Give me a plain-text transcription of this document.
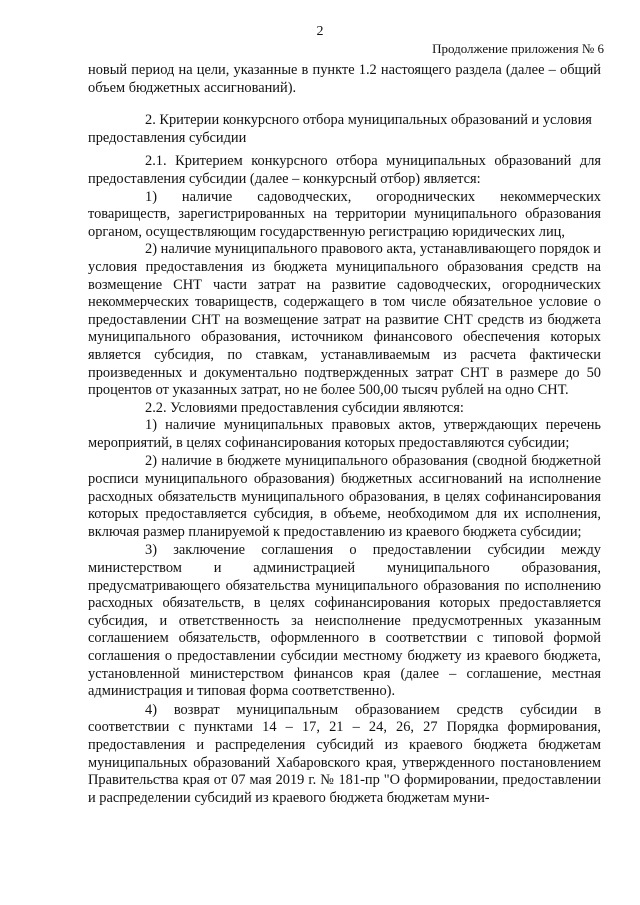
2
Продолжение приложения № 6

новый период на цели, указанные в пункте 1.2 настоящего раздела (далее – общий объем бюджетных ассигнований).

2. Критерии конкурсного отбора муниципальных образований и условия предоставления субсидии

2.1. Критерием конкурсного отбора муниципальных образований для предоставления субсидии (далее – конкурсный отбор) является:

1) наличие садоводческих, огороднических некоммерческих товариществ, зарегистрированных на территории муниципального образования органом, осуществляющим государственную регистрацию юридических лиц,

2) наличие муниципального правового акта, устанавливающего порядок и условия предоставления из бюджета муниципального образования средств на возмещение СНТ части затрат на развитие садоводческих, огороднических некоммерческих товариществ, содержащего в том числе обязательное условие о предоставлении СНТ на возмещение затрат на развитие СНТ средств из бюджета муниципального образования, источником финансового обеспечения которых является субсидия, по ставкам, устанавливаемым из расчета фактически произведенных и документально подтвержденных затрат СНТ в размере до 50 процентов от указанных затрат, но не более 500,00 тысяч рублей на одно СНТ.

2.2. Условиями предоставления субсидии являются:

1) наличие муниципальных правовых актов, утверждающих перечень мероприятий, в целях софинансирования которых предоставляются субсидии;

2) наличие в бюджете муниципального образования (сводной бюджетной росписи муниципального образования) бюджетных ассигнований на исполнение расходных обязательств муниципального образования, в целях софинансирования которых предоставляется субсидия, в объеме, необходимом для их исполнения, включая размер планируемой к предоставлению из краевого бюджета субсидии;

3) заключение соглашения о предоставлении субсидии между министерством и администрацией муниципального образования, предусматривающего обязательства муниципального образования по исполнению расходных обязательств, в целях софинансирования которых предоставляется субсидия, и ответственность за неисполнение предусмотренных указанным соглашением обязательств, оформленного в соответствии с типовой формой соглашения о предоставлении субсидии местному бюджету из краевого бюджета, установленной министерством финансов края (далее – соглашение, местная администрация и типовая форма соответственно).

4) возврат муниципальным образованием средств субсидии в соответствии с пунктами 14 – 17, 21 – 24, 26, 27 Порядка формирования, предоставления и распределения субсидий из краевого бюджета бюджетам муниципальных образований Хабаровского края, утвержденного постановлением Правительства края от 07 мая 2019 г. № 181-пр "О формировании, предоставлении и распределении субсидий из краевого бюджета бюджетам муни-
